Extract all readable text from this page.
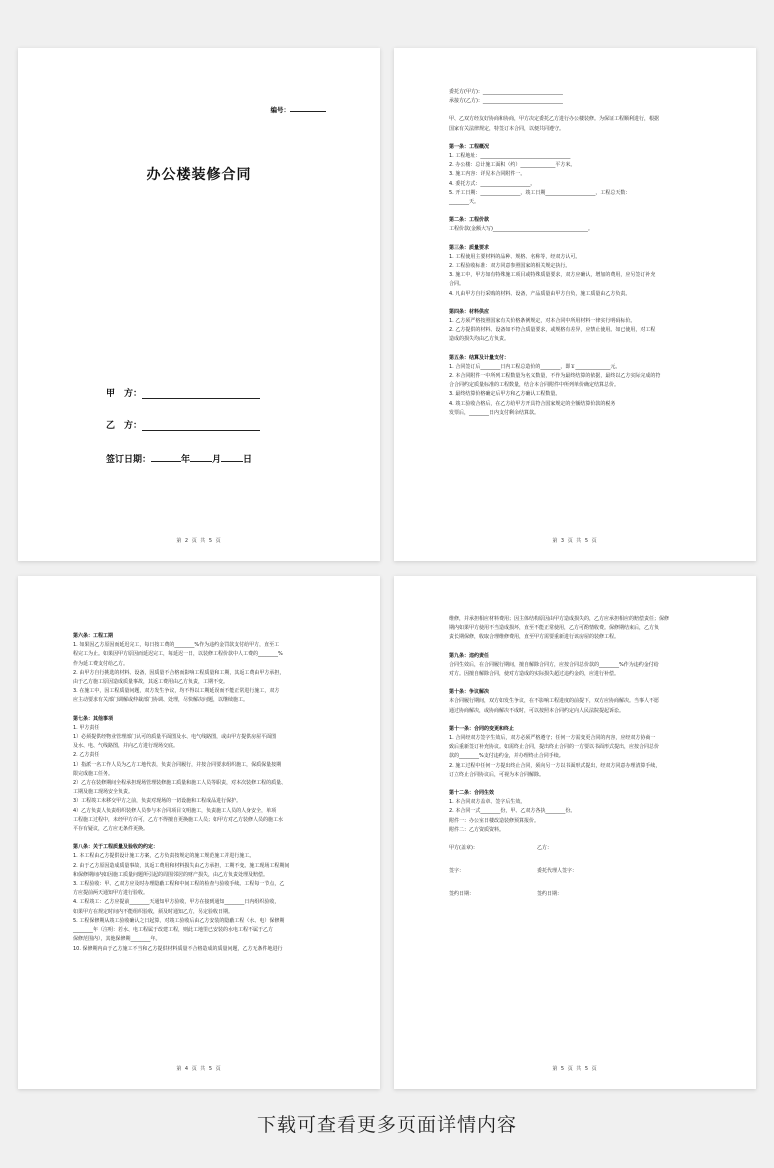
编号：
办公楼装修合同
甲　方：
乙　方：
签订日期：	年 月 日
第 2 页 共 5 页
委托方(甲方)：________________________________
承接方(乙方)：________________________________
甲、乙双方经友好协商和协商，甲方决定委托乙方进行办公楼装修。为保证工程顺利进行，根据
国家有关法律规定，特签订本合同，以便共同遵守。
第一条：工程概况
1. 工程地址：____________________________________
2. 办公楼：总计施工面积（约）______________平方米。
3. 施工内容：详见本合同附件一。
4. 委托方式：____________________。
5. 开工日期：________________，竣工日期____________________，工程总天数：
________天。
第二条：工程价款
工程价款(金额大写)______________________________________。
第三条：质量要求
1. 工程使用主要材料的品种、规格、名称等，经双方认可。
2. 工程验收标准：双方同意参照国家的相关规定执行。
3. 施工中，甲方如有特殊施工项目或特殊质量要求，双方应确认，增加的费用，应另签订补充
合同。
4. 凡由甲方自行采购的材料、设备，产品质量由甲方自负，施工质量由乙方负责。
第四条：材料供应
1. 乙方须严格按照国家有关价格条例规定，对本合同中所用材料一律实行明码标价。
2. 乙方提供的材料、设备如不符合质量要求，或规格有差异，应禁止使用。如已使用，对工程
造成的损失均由乙方负责。
第五条：结算及计量支付：
1. 合同签订后________日内工程总造价的________，即￥______________元。
2. 本合同附件一中所列工程数量为名义数量，不作为最终结算的依据，最终以乙方实际完成的符
合合同约定质量标准的工程数量，结合本合同附件中所列单价确定结算总价。
3. 最终结算价格确定后甲方和乙方确认工程数量。
4. 竣工验收合格后，在乙方给甲方开具符合国家规定的全额结算价款的税务
发票后，________日内支付剩余结算款。
第 3 页 共 5 页
第六条：工程工期
1. 如果因乙方原因而延迟完工，每日按工费的________%作为违约金罚款支付给甲方，直至工
程完工为止。如果因甲方原因而延迟完工，每延迟一日，以装修工程价款中人工费的________%
作为延工费支付给乙方。
2. 由甲方自行挑选的材料、设备，因质量不合格而影响工程质量和工期，其返工费由甲方承担，
由于乙方施工原因造成质量事故，其返工费用由乙方负责，工期不变。
3. 在施工中，因工程质量问题，双方发生争议，均不得以工期延误而不能正常进行施工，双方
应主动要求有关部门调解或仲裁部门协调、处理，尽快解决问题，以继续施工。
第七条：其他事项
1. 甲方责任
1）必须提供经物业管理部门认可的质量平面图及水、电气线路图，或由甲方提供房屋平面图
及水、电、气线路图，并向乙方进行现场交底。
2. 乙方责任
1）指派一名工作人员为乙方工地代表，负责合同履行，并按合同要求组织施工，保质保量按期
限完成施工任务。
2）乙方在装修期间全程承担现场管理装修施工质量和施工人员等职责，对本次装修工程的质量、
工期及施工现场安全负责。
3）工程竣工未移交甲方之前，负责对现场的一切设施和工程成品进行保护。
4）乙方负责人负责组织装修人员参与本合同项目文明施工，负责施工人员的人身安全，单项
工程施工过程中，未经甲方许可，乙方不得擅自更换施工人员；如甲方对乙方装修人员的施工水
平存有疑议，乙方应无条件更换。
第八条：关于工程质量及验收的约定：
1. 本工程由乙方提供设计施工方案，乙方负责按规定的施工规范施工并进行施工。
2. 由于乙方原因造成质量事故，其返工费用和材料损失由乙方承担，工期不变。施工现场工程期间
和保修期间内如因施工质量问题所引起的周围邻居的财产损失，由乙方负责处理及赔偿。
3. 工程验收：甲、乙双方应及时办理隐蔽工程和中间工程的检查与验收手续。工程每一节点，乙
方应提前两天通知甲方进行验收。
4. 工程竣工：乙方应提前________天通知甲方验收，甲方在接到通知________日内组织验收，
如果甲方在规定时间内不能组织验收，须及时通知乙方，另定验收日期。
5. 工程保修期从竣工验收确认之日起算，对竣工验收后由乙方安装的隐蔽工程（水、电）保修期
________年（注明：若水、电工程属于改建工程，则此工地里已安装的水电工程不属于乙方
保修范围内），其他保修期________年。
10. 保修期内由于乙方施工不当和乙方提供材料质量不合格造成的质量问题，乙方无条件地进行
第 4 页 共 5 页
维修，并承担相应材料费用；因主体结构原因由甲方造成损失的，乙方应承担相应的赔偿责任；保修
期内如果甲方使用不当造成损坏，直至不能正常使用，乙方可酌情收费。保修期结束后，乙方负
责长期保修，收取合理维修费用，直至甲方需要重新进行该房屋的装修工程。
第九条：违约责任
合同生效后，在合同履行期间，擅自解除合同方，应按合同总价款的________%作为违约金付给
对方。因擅自解除合同，使对方造成的实际损失超过违约金的，应进行补偿。
第十条：争议解决
本合同履行期间，双方如发生争议，在不影响工程进度的前提下，双方应协商解决。当事人不愿
通过协商解决，或协商解决不成时，可以按照本合同约定向人民法院提起诉讼。
第十一条：合同的变更和终止
1. 合同经双方签字生效后，双方必须严格遵守；任何一方需变更合同的内容，应经双方协商一
致后重新签订补充协议。如需终止合同，提出终止合同的一方要以书面形式提出，应按合同总价
款的________%支付违约金，并办理终止合同手续。
2. 施工过程中任何一方提出终止合同，须向另一方以书面形式提出，经双方同意办理清算手续，
订立终止合同协议后，可视为本合同解除。
第十二条：合同生效
1. 本合同双方盖章、签字后生效。
2. 本合同一式________份，甲、乙双方各执________份。
附件一：办公室日楼改造装修预算报价。
附件二：乙方资质资料。
甲方(盖章)：	乙方：
签字：	委托代理人签字：
签约日期：	签约日期：
第 5 页 共 5 页
下载可查看更多页面详情内容
